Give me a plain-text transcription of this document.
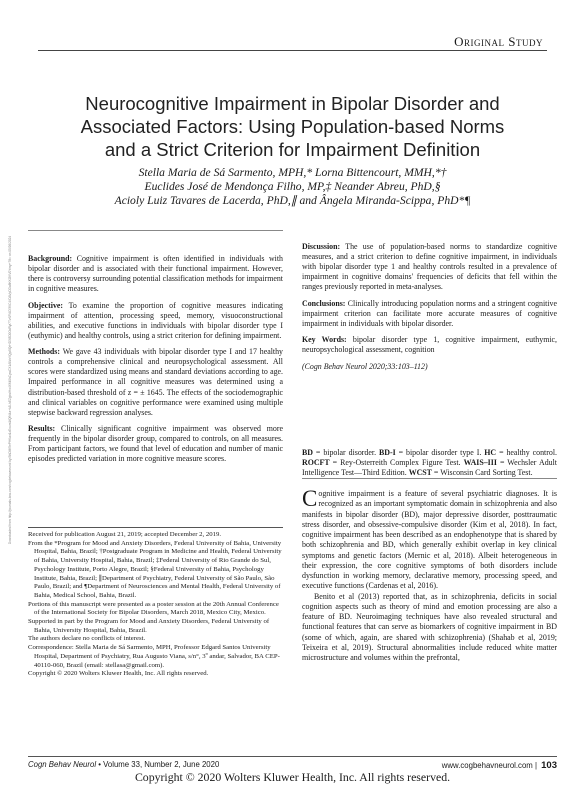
Original Study
Neurocognitive Impairment in Bipolar Disorder and
Associated Factors: Using Population-based Norms
and a Strict Criterion for Impairment Definition
Stella Maria de Sá Sarmento, MPH,* Lorna Bittencourt, MMH,*†
Euclides José de Mendonça Filho, MP,‡ Neander Abreu, PhD,§
Acioly Luiz Tavares de Lacerda, PhD,∥ and Ângela Miranda-Scippa, PhD*¶
Downloaded from http://journals.lww.com/cogbehavneurol by BhDMf5ePHKav1zEoum1tQfN4a+kJLhEZgbsIHo4XMi0hCywCX1AWnYQp/IlQrHD3i3D0OdRyi7TvSFl4Cf3VC4/OAVpDDa8KKGKV0Ymy+78= on 05/26/2024 Background: Cognitive impairment is often identified in individuals with bipolar disorder and is associated with their functional impairment. However, there is controversy surrounding potential classification methods for impairment in cognitive measures.

Objective: To examine the proportion of cognitive measures indicating impairment of attention, processing speed, memory, visuoconstructional abilities, and executive functions in individuals with bipolar disorder type I (euthymic) and healthy controls, using a strict criterion for defining impairment.

Methods: We gave 43 individuals with bipolar disorder type I and 17 healthy controls a comprehensive clinical and neuropsychological assessment. All scores were standardized using means and standard deviations according to age. Impaired performance in all cognitive measures was determined using a distribution-based threshold of z = ± 1645. The effects of the sociodemographic and clinical variables on cognitive performance were examined using multiple stepwise backward regression analyses.

Results: Clinically significant cognitive impairment was observed more frequently in the bipolar disorder group, compared to controls, on all measures. From participant factors, we found that level of education and number of manic episodes predicted variation in more cognitive measure scores.

Discussion: The use of population-based norms to standardize cognitive measures, and a strict criterion to define cognitive impairment, in individuals with bipolar disorder type 1 and healthy controls resulted in a prevalence of impairment in cognitive domains' frequencies of deficits that fell within the ranges previously reported in meta-analyses.

Conclusions: Clinically introducing population norms and a stringent cognitive impairment criterion can facilitate more accurate measures of cognitive impairment in individuals with bipolar disorder.

Key Words: bipolar disorder type 1, cognitive impairment, euthymic, neuropsychological assessment, cognition

(Cogn Behav Neurol 2020;33:103–112)

BD = bipolar disorder. BD-I = bipolar disorder type I. HC = healthy control. ROCFT = Rey-Osterreith Complex Figure Test. WAIS–III = Wechsler Adult Intelligence Test—Third Edition. WCST = Wisconsin Card Sorting Test.

Received for publication August 21, 2019; accepted December 2, 2019.

From the *Program for Mood and Anxiety Disorders, Federal University of Bahia, University Hospital, Bahia, Brazil; †Postgraduate Program in Medicine and Health, Federal University of Bahia, University Hospital, Bahia, Brazil; ‡Federal University of Rio Grande do Sul, Psychology Institute, Porto Alegre, Brazil; §Federal University of Bahia, Psychology Institute, Bahia, Brazil; ∥Department of Psychiatry, Federal University of São Paulo, São Paulo, Brazil; and ¶Department of Neurosciences and Mental Health, Federal University of Bahia, Medical School, Bahia, Brazil.

Portions of this manuscript were presented as a poster session at the 20th Annual Conference of the International Society for Bipolar Disorders, March 2018, Mexico City, Mexico.

Supported in part by the Program for Mood and Anxiety Disorders, Federal University of Bahia, University Hospital, Bahia, Brazil.

The authors declare no conflicts of interest.

Correspondence: Stella Maria de Sá Sarmento, MPH, Professor Edgard Santos University Hospital, Department of Psychiatry, Rua Augusto Viana, s/n°, 3º andar, Salvador, BA CEP-40110-060, Brazil (email: stellasa@gmail.com).

Copyright © 2020 Wolters Kluwer Health, Inc. All rights reserved.

Cognitive impairment is a feature of several psychiatric diagnoses. It is recognized as an important symptomatic domain in schizophrenia and also manifests in bipolar disorder (BD), major depressive disorder, posttraumatic stress disorder, and obsessive-compulsive disorder (Kim et al, 2018). In fact, cognitive impairment has been described as an endophenotype that is shared by both schizophrenia and BD, which generally exhibit overlap in key clinical symptoms and genetic factors (Mernic et al, 2018). Albeit heterogeneous in their expression, the core cognitive symptoms of both disorders include dysfunction in working memory, declarative memory, processing speed, and executive functions (Cardenas et al, 2016).

Benito et al (2013) reported that, as in schizophrenia, deficits in social cognition aspects such as theory of mind and emotion processing are also a feature of BD. Neuroimaging techniques have also revealed structural and functional features that can serve as biomarkers of cognitive impairment in BD (some of which, again, are shared with schizophrenia) (Shahab et al, 2019; Teixeira et al, 2019). Structural abnormalities include reduced white matter microstructure and volumes within the prefrontal,

Cogn Behav Neurol • Volume 33, Number 2, June 2020	www.cogbehavneurol.com | 103
Copyright © 2020 Wolters Kluwer Health, Inc. All rights reserved.
